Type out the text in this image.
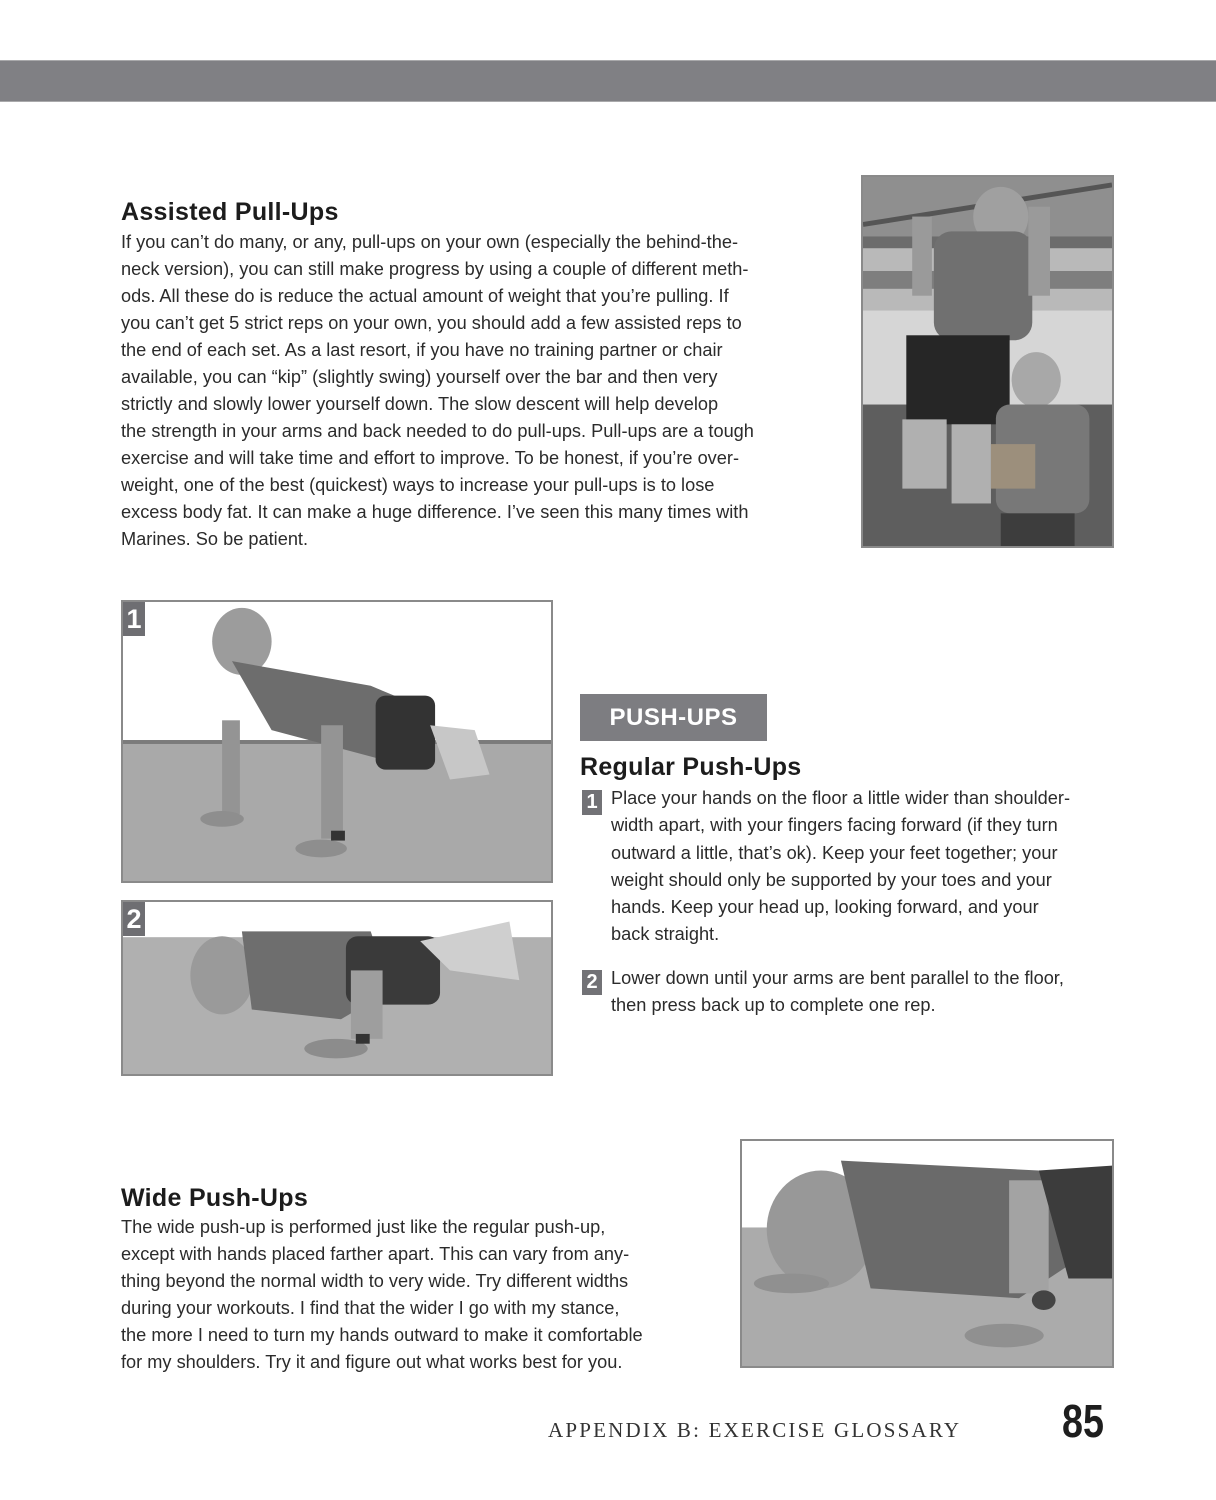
Assisted Pull-Ups
If you can’t do many, or any, pull-ups on your own (especially the behind-the-
neck version), you can still make progress by using a couple of different meth-
ods. All these do is reduce the actual amount of weight that you’re pulling. If
you can’t get 5 strict reps on your own, you should add a few assisted reps to
the end of each set. As a last resort, if you have no training partner or chair
available, you can “kip” (slightly swing) yourself over the bar and then very
strictly and slowly lower yourself down. The slow descent will help develop
the strength in your arms and back needed to do pull-ups. Pull-ups are a tough
exercise and will take time and effort to improve. To be honest, if you’re over-
weight, one of the best (quickest) ways to increase your pull-ups is to lose
excess body fat. It can make a huge difference. I’ve seen this many times with
Marines. So be patient.
1
2
PUSH-UPS
Regular Push-Ups
1 Place your hands on the floor a little wider than shoulder-
width apart, with your fingers facing forward (if they turn
outward a little, that’s ok). Keep your feet together; your
weight should only be supported by your toes and your
hands. Keep your head up, looking forward, and your
back straight.
2 Lower down until your arms are bent parallel to the floor,
then press back up to complete one rep.
Wide Push-Ups
The wide push-up is performed just like the regular push-up,
except with hands placed farther apart. This can vary from any-
thing beyond the normal width to very wide. Try different widths
during your workouts. I find that the wider I go with my stance,
the more I need to turn my hands outward to make it comfortable
for my shoulders. Try it and figure out what works best for you.
APPENDIX B: EXERCISE GLOSSARY 85
